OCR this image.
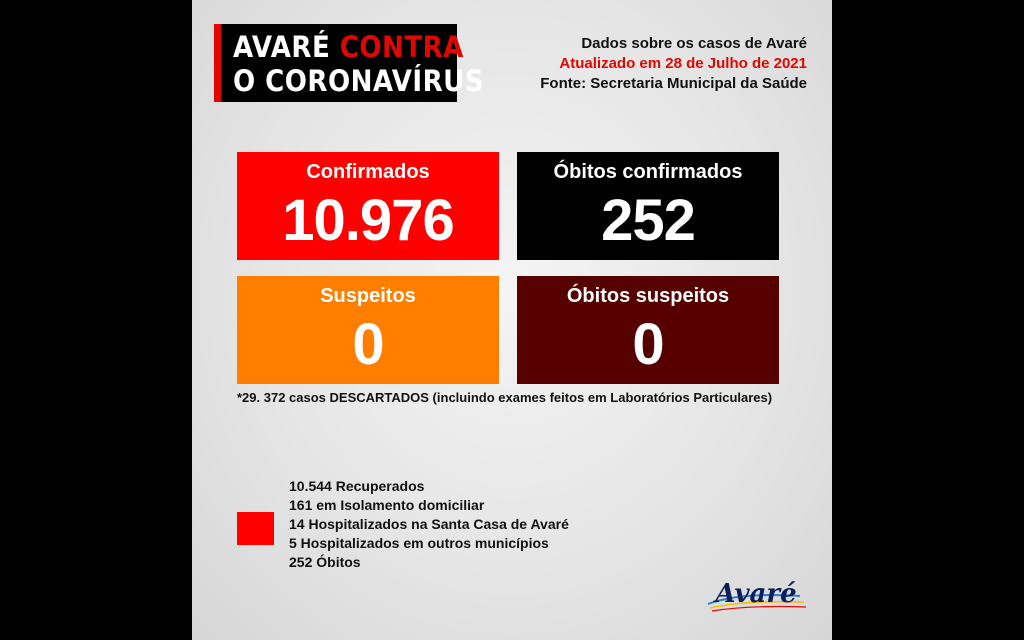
AVARÉ CONTRA
O CORONAVÍRUS
Dados sobre os casos de Avaré
Atualizado em 28 de Julho de 2021
Fonte: Secretaria Municipal da Saúde
Confirmados
10.976
Óbitos confirmados
252
Suspeitos
0
Óbitos suspeitos
0
*29. 372 casos DESCARTADOS (incluindo exames feitos em Laboratórios Particulares)
10.544 Recuperados
161 em Isolamento domiciliar
14 Hospitalizados na Santa Casa de Avaré
5 Hospitalizados em outros municípios
252 Óbitos
Avaré
